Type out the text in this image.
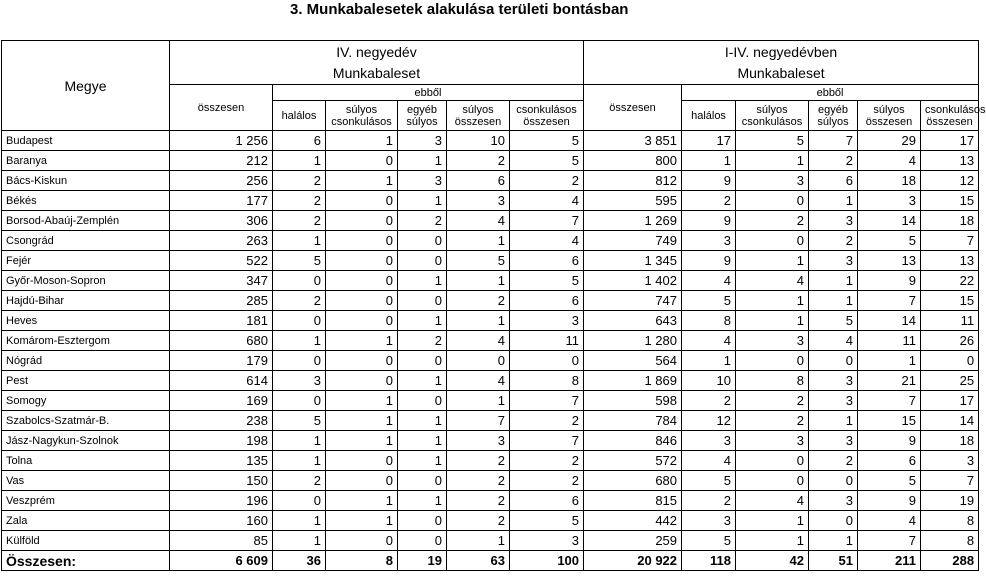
3. Munkabalesetek alakulása területi bontásban
Megye	IV. negyedév						I-IV. negyedévben					
	Munkabaleset						Munkabaleset					
	összesen	ebből					összesen	ebből				
		halálos	súlyos csonkulásos	egyéb súlyos	súlyos összesen	csonkulásos összesen		halálos	súlyos csonkulásos	egyéb súlyos	súlyos összesen	csonkulásos összesen
Budapest	1 256	6	1	3	10	5	3 851	17	5	7	29	17
Baranya	212	1	0	1	2	5	800	1	1	2	4	13
Bács-Kiskun	256	2	1	3	6	2	812	9	3	6	18	12
Békés	177	2	0	1	3	4	595	2	0	1	3	15
Borsod-Abaúj-Zemplén	306	2	0	2	4	7	1 269	9	2	3	14	18
Csongrád	263	1	0	0	1	4	749	3	0	2	5	7
Fejér	522	5	0	0	5	6	1 345	9	1	3	13	13
Győr-Moson-Sopron	347	0	0	1	1	5	1 402	4	4	1	9	22
Hajdú-Bihar	285	2	0	0	2	6	747	5	1	1	7	15
Heves	181	0	0	1	1	3	643	8	1	5	14	11
Komárom-Esztergom	680	1	1	2	4	11	1 280	4	3	4	11	26
Nógrád	179	0	0	0	0	0	564	1	0	0	1	0
Pest	614	3	0	1	4	8	1 869	10	8	3	21	25
Somogy	169	0	1	0	1	7	598	2	2	3	7	17
Szabolcs-Szatmár-B.	238	5	1	1	7	2	784	12	2	1	15	14
Jász-Nagykun-Szolnok	198	1	1	1	3	7	846	3	3	3	9	18
Tolna	135	1	0	1	2	2	572	4	0	2	6	3
Vas	150	2	0	0	2	2	680	5	0	0	5	7
Veszprém	196	0	1	1	2	6	815	2	4	3	9	19
Zala	160	1	1	0	2	5	442	3	1	0	4	8
Külföld	85	1	0	0	1	3	259	5	1	1	7	8
Összesen:	6 609	36	8	19	63	100	20 922	118	42	51	211	288
